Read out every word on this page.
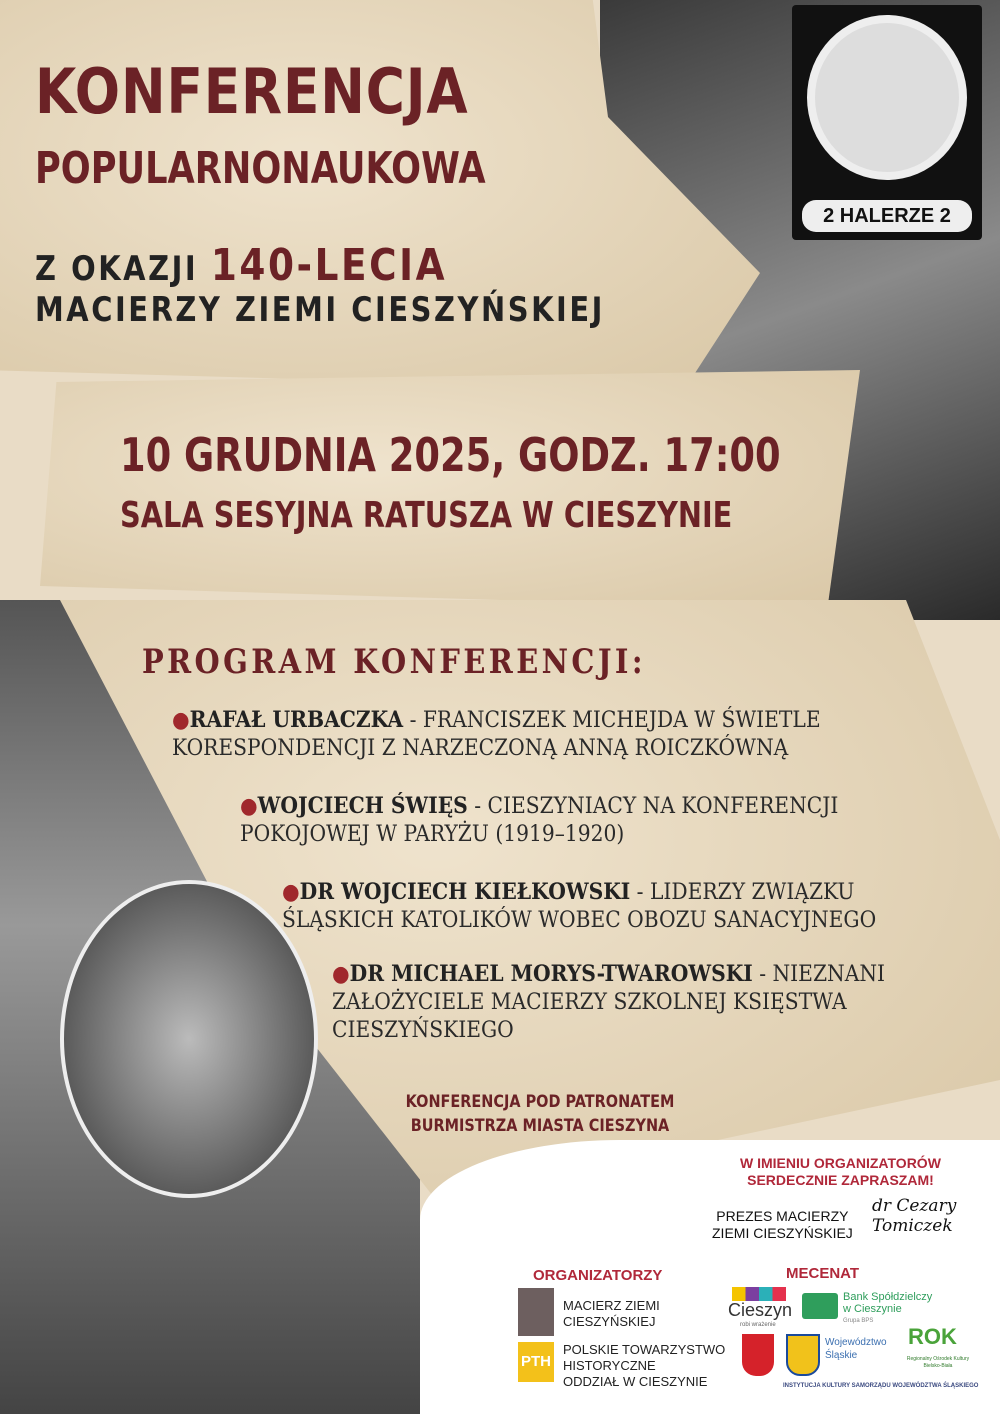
2 HALERZE 2
KONFERENCJA
POPULARNONAUKOWA
Z OKAZJI 140-LECIA
MACIERZY ZIEMI CIESZYŃSKIEJ
10 GRUDNIA 2025, GODZ. 17:00
SALA SESYJNA RATUSZA W CIESZYNIE
PROGRAM KONFERENCJI:
●RAFAŁ URBACZKA - FRANCISZEK MICHEJDA W ŚWIETLE
KORESPONDENCJI Z NARZECZONĄ ANNĄ ROICZKÓWNĄ
●WOJCIECH ŚWIĘS - CIESZYNIACY NA KONFERENCJI
POKOJOWEJ W PARYŻU (1919–1920)
●DR WOJCIECH KIEŁKOWSKI - LIDERZY ZWIĄZKU
ŚLĄSKICH KATOLIKÓW WOBEC OBOZU SANACYJNEGO
●DR MICHAEL MORYS-TWAROWSKI - NIEZNANI
ZAŁOŻYCIELE MACIERZY SZKOLNEJ KSIĘSTWA
CIESZYŃSKIEGO
KONFERENCJA POD PATRONATEM
BURMISTRZA MIASTA CIESZYNA
W IMIENIU ORGANIZATORÓW
SERDECZNIE ZAPRASZAM!
PREZES MACIERZY
ZIEMI CIESZYŃSKIEJ
dr Cezary Tomiczek
ORGANIZATORZY
MACIERZ ZIEMI
CIESZYŃSKIEJ
PTH
POLSKIE TOWARZYSTWO
HISTORYCZNE
ODDZIAŁ W CIESZYNIE
MECENAT
Cieszyn
robi wrażenie
Bank Spółdzielczy
w Cieszynie
Grupa BPS
Województwo
Śląskie
ROK
Regionalny Ośrodek Kultury
Bielsko-Biała
INSTYTUCJA KULTURY SAMORZĄDU WOJEWÓDZTWA ŚLĄSKIEGO
